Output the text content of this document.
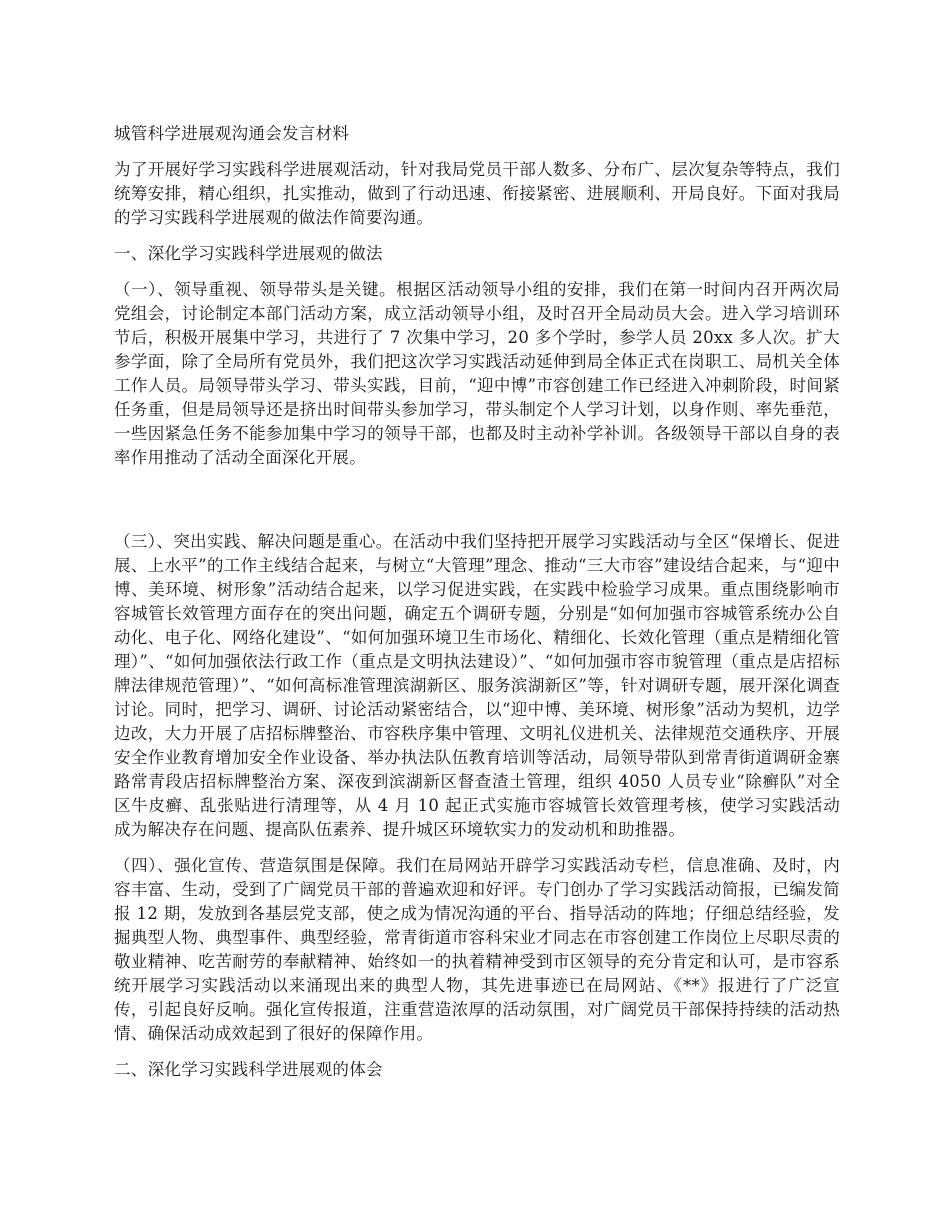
城管科学进展观沟通会发言材料

为了开展好学习实践科学进展观活动，针对我局党员干部人数多、分布广、层次复杂等特点，我们统筹安排，精心组织，扎实推动，做到了行动迅速、衔接紧密、进展顺利、开局良好。下面对我局的学习实践科学进展观的做法作简要沟通。

一、深化学习实践科学进展观的做法

（一）、领导重视、领导带头是关键。根据区活动领导小组的安排，我们在第一时间内召开两次局党组会，讨论制定本部门活动方案，成立活动领导小组，及时召开全局动员大会。进入学习培训环节后，积极开展集中学习，共进行了 7 次集中学习，20 多个学时，参学人员 20xx 多人次。扩大参学面，除了全局所有党员外，我们把这次学习实践活动延伸到局全体正式在岗职工、局机关全体工作人员。局领导带头学习、带头实践，目前，“迎中博”市容创建工作已经进入冲刺阶段，时间紧任务重，但是局领导还是挤出时间带头参加学习，带头制定个人学习计划，以身作则、率先垂范，一些因紧急任务不能参加集中学习的领导干部，也都及时主动补学补训。各级领导干部以自身的表率作用推动了活动全面深化开展。

（三）、突出实践、解决问题是重心。在活动中我们坚持把开展学习实践活动与全区“保增长、促进展、上水平”的工作主线结合起来，与树立“大管理”理念、推动“三大市容”建设结合起来，与“迎中博、美环境、树形象”活动结合起来，以学习促进实践，在实践中检验学习成果。重点围绕影响市容城管长效管理方面存在的突出问题，确定五个调研专题，分别是“如何加强市容城管系统办公自动化、电子化、网络化建设”、“如何加强环境卫生市场化、精细化、长效化管理（重点是精细化管理）”、“如何加强依法行政工作（重点是文明执法建设）”、“如何加强市容市貌管理（重点是店招标牌法律规范管理）”、“如何高标准管理滨湖新区、服务滨湖新区”等，针对调研专题，展开深化调查讨论。同时，把学习、调研、讨论活动紧密结合，以“迎中博、美环境、树形象”活动为契机，边学边改，大力开展了店招标牌整治、市容秩序集中管理、文明礼仪进机关、法律规范交通秩序、开展安全作业教育增加安全作业设备、举办执法队伍教育培训等活动，局领导带队到常青街道调研金寨路常青段店招标牌整治方案、深夜到滨湖新区督查渣土管理，组织 4050 人员专业“除癣队”对全区牛皮癣、乱张贴进行清理等，从 4 月 10 起正式实施市容城管长效管理考核，使学习实践活动成为解决存在问题、提高队伍素养、提升城区环境软实力的发动机和助推器。

（四）、强化宣传、营造氛围是保障。我们在局网站开辟学习实践活动专栏，信息准确、及时，内容丰富、生动，受到了广阔党员干部的普遍欢迎和好评。专门创办了学习实践活动简报，已编发简报 12 期，发放到各基层党支部，使之成为情况沟通的平台、指导活动的阵地；仔细总结经验，发掘典型人物、典型事件、典型经验，常青街道市容科宋业才同志在市容创建工作岗位上尽职尽责的敬业精神、吃苦耐劳的奉献精神、始终如一的执着精神受到市区领导的充分肯定和认可，是市容系统开展学习实践活动以来涌现出来的典型人物，其先进事迹已在局网站、《**》报进行了广泛宣传，引起良好反响。强化宣传报道，注重营造浓厚的活动氛围，对广阔党员干部保持持续的活动热情、确保活动成效起到了很好的保障作用。

二、深化学习实践科学进展观的体会
